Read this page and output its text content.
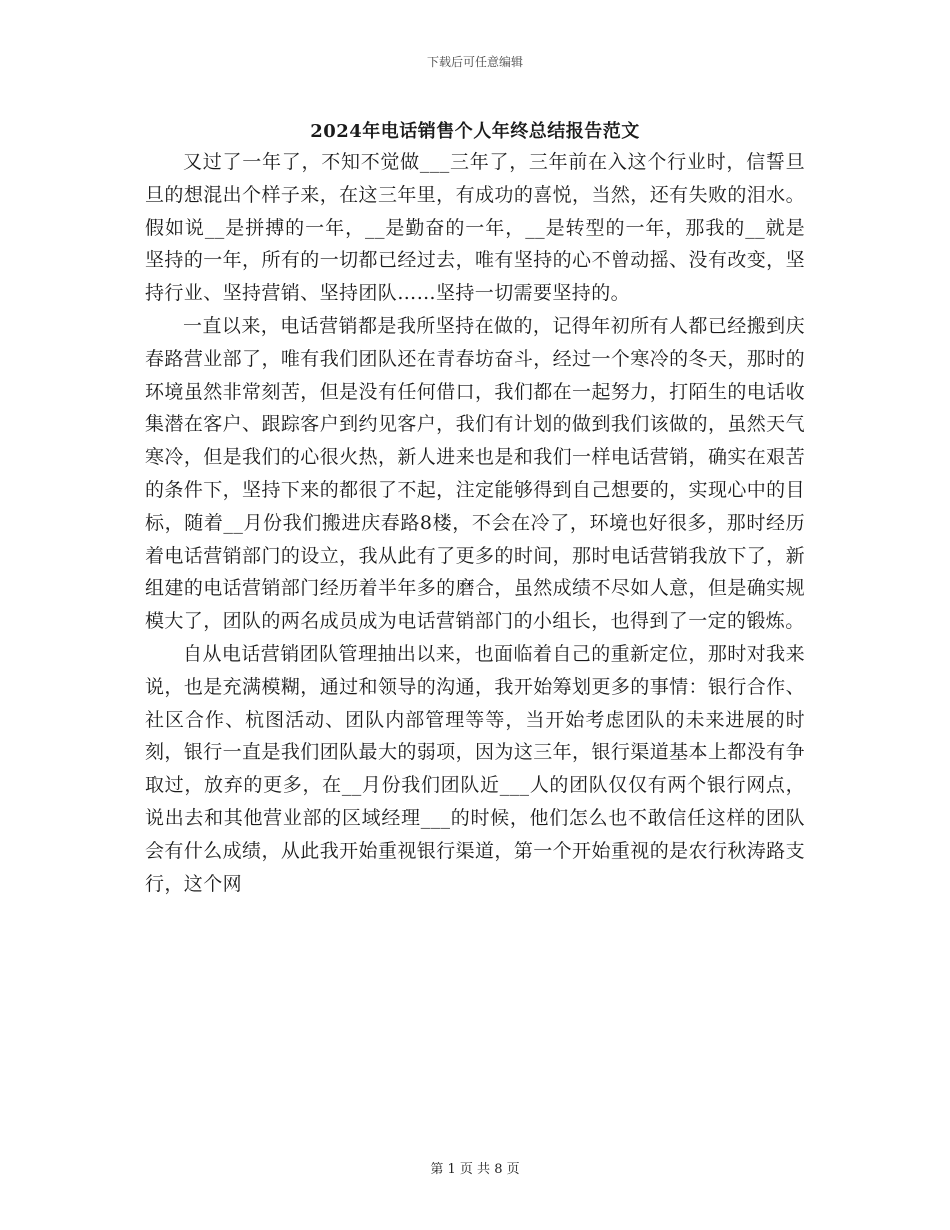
下载后可任意编辑
2024年电话销售个人年终总结报告范文

又过了一年了，不知不觉做___三年了，三年前在入这个行业时，信誓旦旦的想混出个样子来，在这三年里，有成功的喜悦，当然，还有失败的泪水。假如说__是拼搏的一年，__是勤奋的一年，__是转型的一年，那我的__就是坚持的一年，所有的一切都已经过去，唯有坚持的心不曾动摇、没有改变，坚持行业、坚持营销、坚持团队……坚持一切需要坚持的。

一直以来，电话营销都是我所坚持在做的，记得年初所有人都已经搬到庆春路营业部了，唯有我们团队还在青春坊奋斗，经过一个寒冷的冬天，那时的环境虽然非常刻苦，但是没有任何借口，我们都在一起努力，打陌生的电话收集潜在客户、跟踪客户到约见客户，我们有计划的做到我们该做的，虽然天气寒冷，但是我们的心很火热，新人进来也是和我们一样电话营销，确实在艰苦的条件下，坚持下来的都很了不起，注定能够得到自己想要的，实现心中的目标，随着__月份我们搬进庆春路8楼，不会在冷了，环境也好很多，那时经历着电话营销部门的设立，我从此有了更多的时间，那时电话营销我放下了，新组建的电话营销部门经历着半年多的磨合，虽然成绩不尽如人意，但是确实规模大了，团队的两名成员成为电话营销部门的小组长，也得到了一定的锻炼。

自从电话营销团队管理抽出以来，也面临着自己的重新定位，那时对我来说，也是充满模糊，通过和领导的沟通，我开始筹划更多的事情：银行合作、社区合作、杭图活动、团队内部管理等等，当开始考虑团队的未来进展的时刻，银行一直是我们团队最大的弱项，因为这三年，银行渠道基本上都没有争取过，放弃的更多，在__月份我们团队近___人的团队仅仅有两个银行网点，说出去和其他营业部的区域经理___的时候，他们怎么也不敢信任这样的团队会有什么成绩，从此我开始重视银行渠道，第一个开始重视的是农行秋涛路支行，这个网

第 1 页 共 8 页
